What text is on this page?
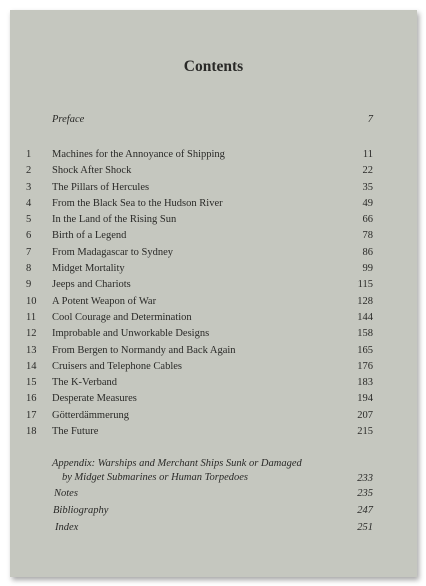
Contents
Preface	7
1 Machines for the Annoyance of Shipping	11
2 Shock After Shock	22
3 The Pillars of Hercules	35
4 From the Black Sea to the Hudson River	49
5 In the Land of the Rising Sun	66
6 Birth of a Legend	78
7 From Madagascar to Sydney	86
8 Midget Mortality	99
9 Jeeps and Chariots	115
10 A Potent Weapon of War	128
11 Cool Courage and Determination	144
12 Improbable and Unworkable Designs	158
13 From Bergen to Normandy and Back Again	165
14 Cruisers and Telephone Cables	176
15 The K-Verband	183
16 Desperate Measures	194
17 Götterdämmerung	207
18 The Future	215
Appendix: Warships and Merchant Ships Sunk or Damaged
by Midget Submarines or Human Torpedoes	233
Notes	235
Bibliography	247
Index	251
